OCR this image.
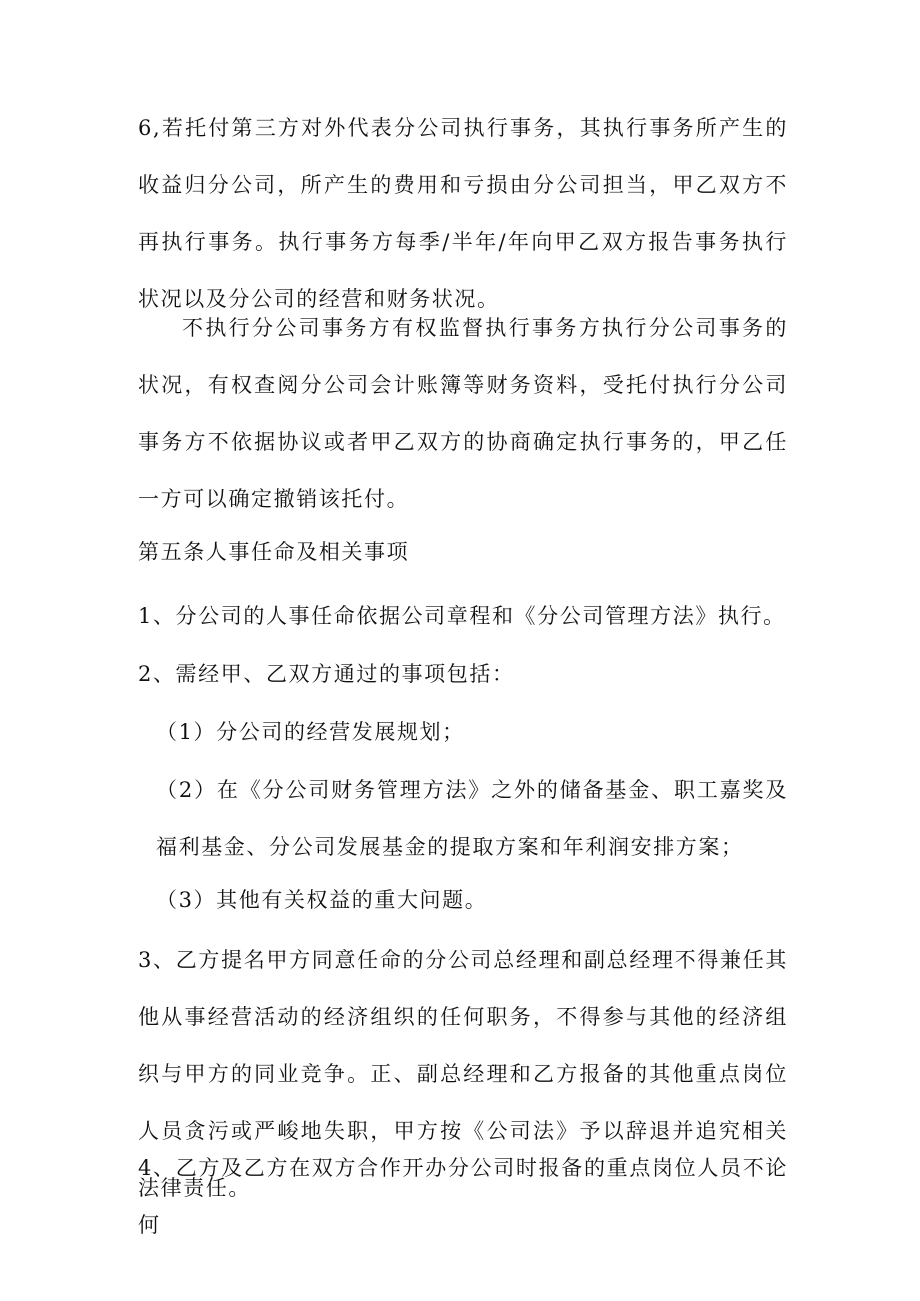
6,若托付第三方对外代表分公司执行事务，其执行事务所产生的收益归分公司，所产生的费用和亏损由分公司担当，甲乙双方不再执行事务。执行事务方每季/半年/年向甲乙双方报告事务执行状况以及分公司的经营和财务状况。

不执行分公司事务方有权监督执行事务方执行分公司事务的状况，有权查阅分公司会计账簿等财务资料，受托付执行分公司事务方不依据协议或者甲乙双方的协商确定执行事务的，甲乙任一方可以确定撤销该托付。

第五条人事任命及相关事项

1、分公司的人事任命依据公司章程和《分公司管理方法》执行。

2、需经甲、乙双方通过的事项包括：

（1）分公司的经营发展规划；

（2）在《分公司财务管理方法》之外的储备基金、职工嘉奖及福利基金、分公司发展基金的提取方案和年利润安排方案；

（3）其他有关权益的重大问题。

3、乙方提名甲方同意任命的分公司总经理和副总经理不得兼任其他从事经营活动的经济组织的任何职务，不得参与其他的经济组织与甲方的同业竞争。正、副总经理和乙方报备的其他重点岗位人员贪污或严峻地失职，甲方按《公司法》予以辞退并追究相关法律责任。

4、乙方及乙方在双方合作开办分公司时报备的重点岗位人员不论何
